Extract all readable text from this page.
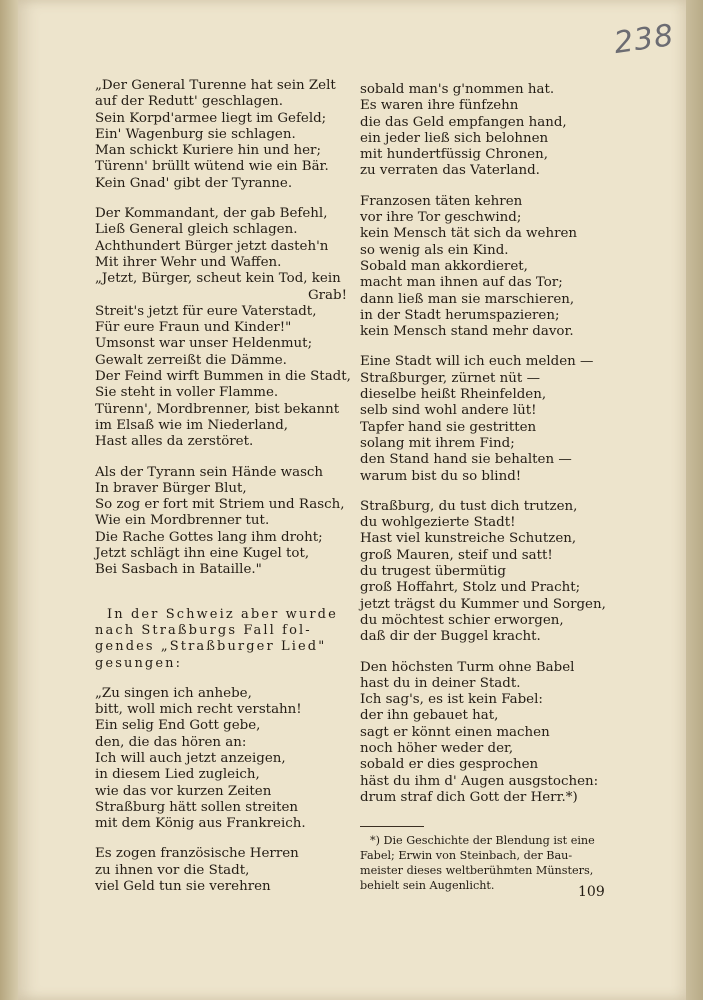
238
„Der General Turenne hat sein Zelt
auf der Redutt' geschlagen.
Sein Korpd'armee liegt im Gefeld;
Ein' Wagenburg sie schlagen.
Man schickt Kuriere hin und her;
Türenn' brüllt wütend wie ein Bär.
Kein Gnad' gibt der Tyranne.
Der Kommandant, der gab Befehl,
Ließ General gleich schlagen.
Achthundert Bürger jetzt dasteh'n
Mit ihrer Wehr und Waffen.
„Jetzt, Bürger, scheut kein Tod, kein
Grab!
Streit's jetzt für eure Vaterstadt,
Für eure Fraun und Kinder!"
Umsonst war unser Heldenmut;
Gewalt zerreißt die Dämme.
Der Feind wirft Bummen in die Stadt,
Sie steht in voller Flamme.
Türenn', Mordbrenner, bist bekannt
im Elsaß wie im Niederland,
Hast alles da zerstöret.
Als der Tyrann sein Hände wasch
In braver Bürger Blut,
So zog er fort mit Striem und Rasch,
Wie ein Mordbrenner tut.
Die Rache Gottes lang ihm droht;
Jetzt schlägt ihn eine Kugel tot,
Bei Sasbach in Bataille."
In der Schweiz aber wurde
nach Straßburgs Fall fol-
gendes „Straßburger Lied"
gesungen:
„Zu singen ich anhebe,
bitt, woll mich recht verstahn!
Ein selig End Gott gebe,
den, die das hören an:
Ich will auch jetzt anzeigen,
in diesem Lied zugleich,
wie das vor kurzen Zeiten
Straßburg hätt sollen streiten
mit dem König aus Frankreich.
Es zogen französische Herren
zu ihnen vor die Stadt,
viel Geld tun sie verehren
sobald man's g'nommen hat.
Es waren ihre fünfzehn
die das Geld empfangen hand,
ein jeder ließ sich belohnen
mit hundertfüssig Chronen,
zu verraten das Vaterland.
Franzosen täten kehren
vor ihre Tor geschwind;
kein Mensch tät sich da wehren
so wenig als ein Kind.
Sobald man akkordieret,
macht man ihnen auf das Tor;
dann ließ man sie marschieren,
in der Stadt herumspazieren;
kein Mensch stand mehr davor.
Eine Stadt will ich euch melden —
Straßburger, zürnet nüt —
dieselbe heißt Rheinfelden,
selb sind wohl andere lüt!
Tapfer hand sie gestritten
solang mit ihrem Find;
den Stand hand sie behalten —
warum bist du so blind!
Straßburg, du tust dich trutzen,
du wohlgezierte Stadt!
Hast viel kunstreiche Schutzen,
groß Mauren, steif und satt!
du trugest übermütig
groß Hoffahrt, Stolz und Pracht;
jetzt trägst du Kummer und Sorgen,
du möchtest schier erworgen,
daß dir der Buggel kracht.
Den höchsten Turm ohne Babel
hast du in deiner Stadt.
Ich sag's, es ist kein Fabel:
der ihn gebauet hat,
sagt er könnt einen machen
noch höher weder der,
sobald er dies gesprochen
häst du ihm d' Augen ausgstochen:
drum straf dich Gott der Herr.*)
*) Die Geschichte der Blendung ist eine
Fabel; Erwin von Steinbach, der Bau-
meister dieses weltberühmten Münsters,
behielt sein Augenlicht.	109
